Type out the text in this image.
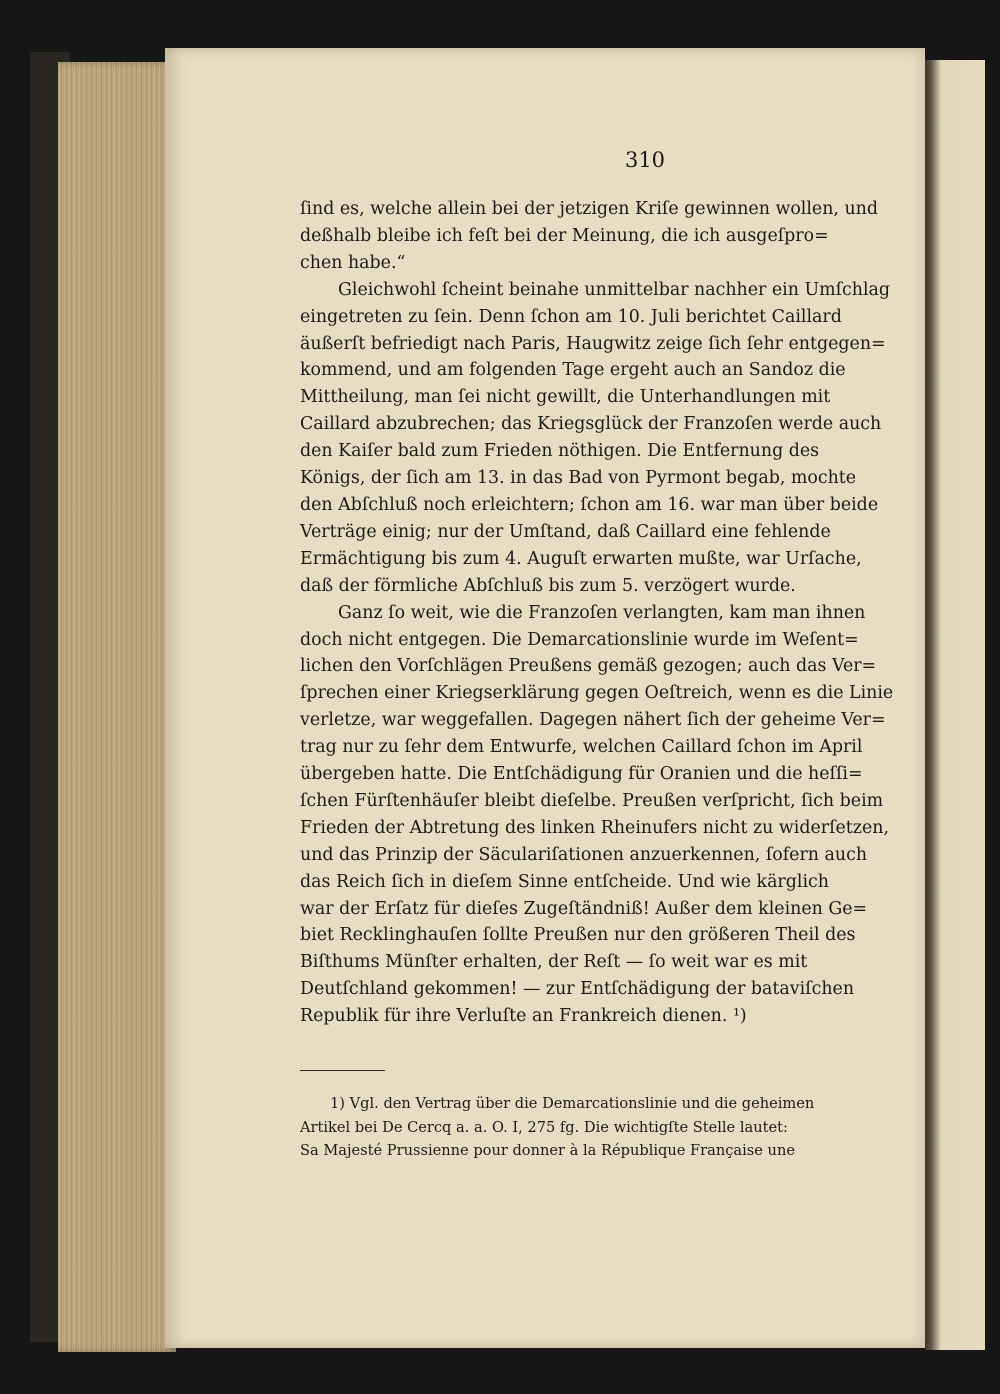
310

ſind es, welche allein bei der jetzigen Kriſe gewinnen wollen, und
deßhalb bleibe ich feſt bei der Meinung, die ich ausgeſpro=
chen habe.“
Gleichwohl ſcheint beinahe unmittelbar nachher ein Umſchlag
eingetreten zu ſein. Denn ſchon am 10. Juli berichtet Caillard
äußerſt befriedigt nach Paris, Haugwitz zeige ſich ſehr entgegen=
kommend, und am folgenden Tage ergeht auch an Sandoz die
Mittheilung, man ſei nicht gewillt, die Unterhandlungen mit
Caillard abzubrechen; das Kriegsglück der Franzoſen werde auch
den Kaiſer bald zum Frieden nöthigen. Die Entfernung des
Königs, der ſich am 13. in das Bad von Pyrmont begab, mochte
den Abſchluß noch erleichtern; ſchon am 16. war man über beide
Verträge einig; nur der Umſtand, daß Caillard eine fehlende
Ermächtigung bis zum 4. Auguſt erwarten mußte, war Urſache,
daß der förmliche Abſchluß bis zum 5. verzögert wurde.
Ganz ſo weit, wie die Franzoſen verlangten, kam man ihnen
doch nicht entgegen. Die Demarcationslinie wurde im Weſent=
lichen den Vorſchlägen Preußens gemäß gezogen; auch das Ver=
ſprechen einer Kriegserklärung gegen Oeſtreich, wenn es die Linie
verletze, war weggefallen. Dagegen nähert ſich der geheime Ver=
trag nur zu ſehr dem Entwurfe, welchen Caillard ſchon im April
übergeben hatte. Die Entſchädigung für Oranien und die heſſi=
ſchen Fürſtenhäuſer bleibt dieſelbe. Preußen verſpricht, ſich beim
Frieden der Abtretung des linken Rheinufers nicht zu widerſetzen,
und das Prinzip der Säculariſationen anzuerkennen, ſofern auch
das Reich ſich in dieſem Sinne entſcheide. Und wie kärglich
war der Erſatz für dieſes Zugeſtändniß! Außer dem kleinen Ge=
biet Recklinghauſen ſollte Preußen nur den größeren Theil des
Biſthums Münſter erhalten, der Reſt — ſo weit war es mit
Deutſchland gekommen! — zur Entſchädigung der bataviſchen
Republik für ihre Verluſte an Frankreich dienen. ¹)
1) Vgl. den Vertrag über die Demarcationslinie und die geheimen
Artikel bei De Cercq a. a. O. I, 275 fg. Die wichtigſte Stelle lautet:
Sa Majesté Prussienne pour donner à la République Française une
